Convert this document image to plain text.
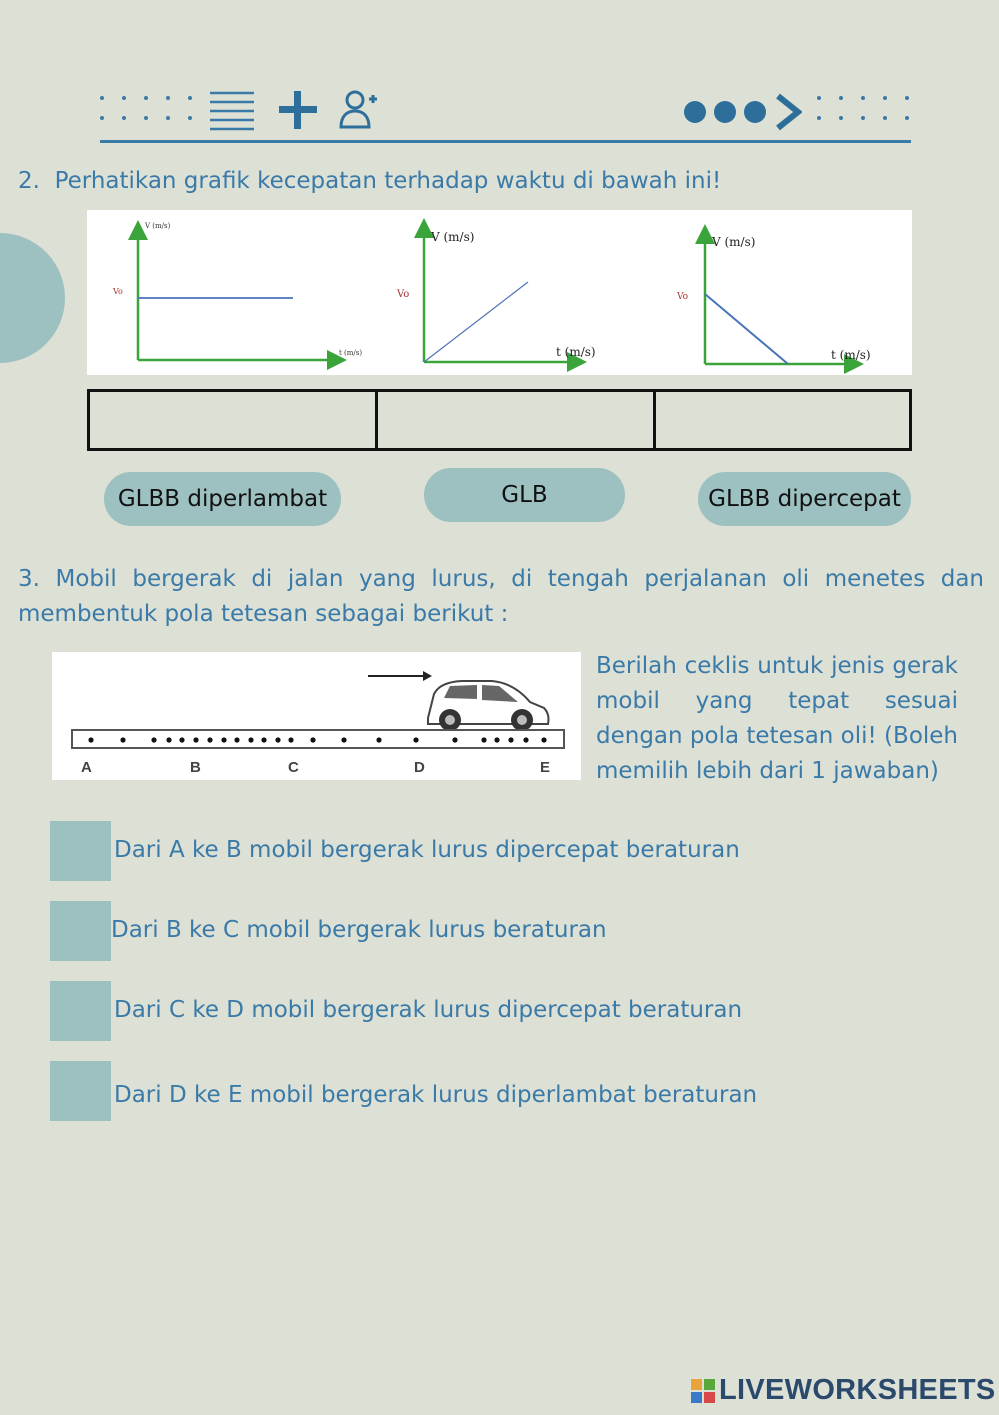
2.  Perhatikan grafik kecepatan terhadap waktu di bawah ini!
V (m/s)
t (m/s)
Vo
V (m/s)
t (m/s)
Vo
V (m/s)
t (m/s)
Vo
GLBB diperlambat	GLB	GLBB dipercepat
3. Mobil bergerak di jalan yang lurus, di tengah perjalanan oli menetes dan membentuk pola tetesan sebagai berikut :
A	B	C	D	E
Berilah ceklis untuk jenis gerak mobil yang tepat sesuai dengan pola tetesan oli! (Boleh memilih lebih dari 1 jawaban)
Dari A ke B mobil bergerak lurus dipercepat beraturan
Dari B ke C mobil bergerak lurus beraturan
Dari C ke D mobil bergerak lurus dipercepat beraturan
Dari D ke E mobil bergerak lurus diperlambat beraturan
LIVEWORKSHEETS
